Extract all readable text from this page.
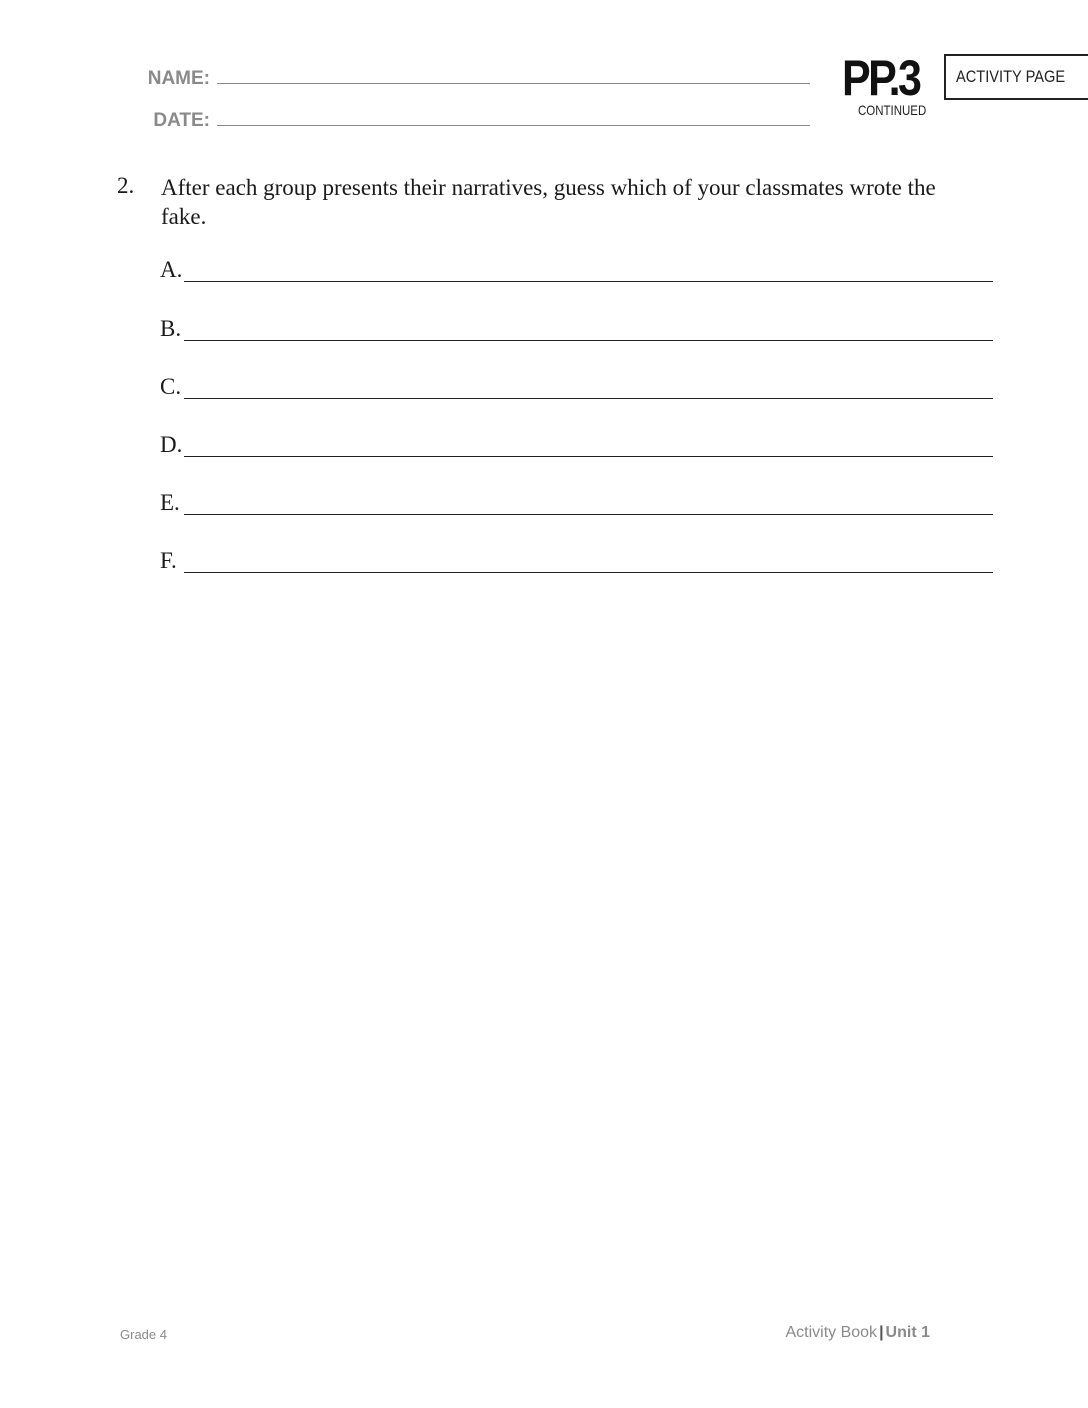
NAME:
DATE:
PP.3
CONTINUED
ACTIVITY PAGE
2. After each group presents their narratives, guess which of your classmates wrote the fake.
A.
B.
C.
D.
E.
F.
Grade 4	Activity Book | Unit 1
